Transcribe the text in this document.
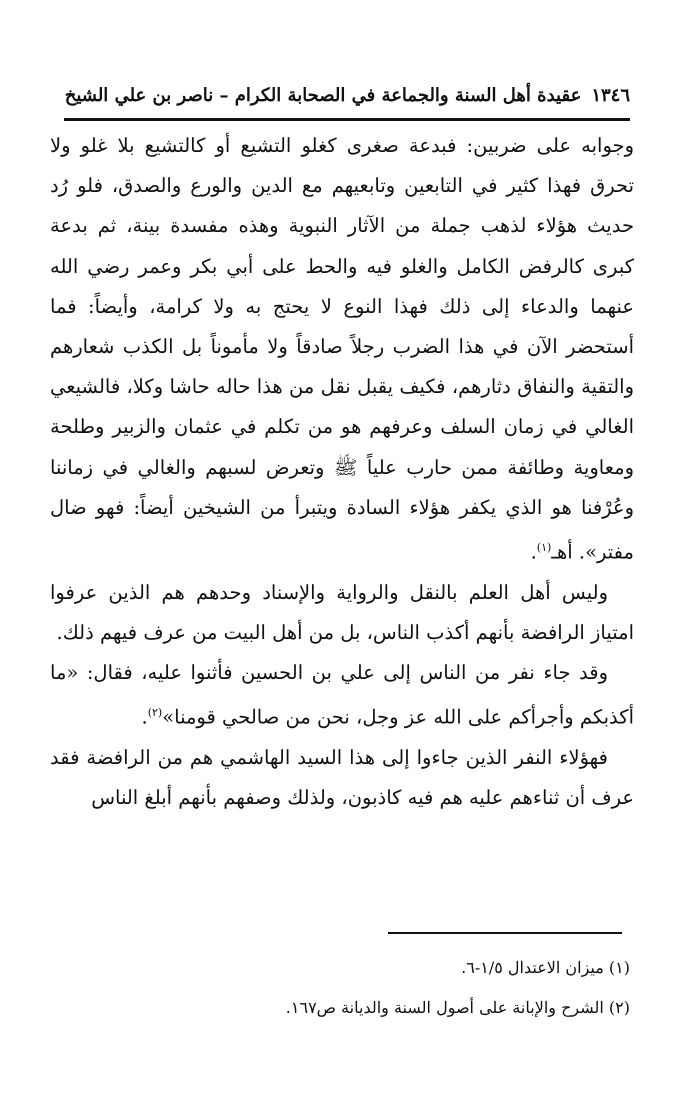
١٣٤٦
عقيدة أهل السنة والجماعة في الصحابة الكرام – ناصر بن علي الشيخ

وجوابه على ضربين: فبدعة صغرى كغلو التشيع أو كالتشيع بلا غلو ولا تحرق فهذا كثير في التابعين وتابعيهم مع الدين والورع والصدق، فلو رُد حديث هؤلاء لذهب جملة من الآثار النبوية وهذه مفسدة بينة، ثم بدعة كبرى كالرفض الكامل والغلو فيه والحط على أبي بكر وعمر رضي الله عنهما والدعاء إلى ذلك فهذا النوع لا يحتج به ولا كرامة، وأيضاً: فما أستحضر الآن في هذا الضرب رجلاً صادقاً ولا مأموناً بل الكذب شعارهم والتقية والنفاق دثارهم، فكيف يقبل نقل من هذا حاله حاشا وكلا، فالشيعي الغالي في زمان السلف وعرفهم هو من تكلم في عثمان والزبير وطلحة ومعاوية وطائفة ممن حارب علياً ﷺ وتعرض لسبهم والغالي في زماننا وعُرْفنا هو الذي يكفر هؤلاء السادة ويتبرأ من الشيخين أيضاً: فهو ضال مفتر». أهـ$^{(١)}$.

وليس أهل العلم بالنقل والرواية والإسناد وحدهم هم الذين عرفوا امتياز الرافضة بأنهم أكذب الناس، بل من أهل البيت من عرف فيهم ذلك.

وقد جاء نفر من الناس إلى علي بن الحسين فأثنوا عليه، فقال: «ما أكذبكم وأجرأكم على الله عز وجل، نحن من صالحي قومنا»$^{(٢)}$.

فهؤلاء النفر الذين جاءوا إلى هذا السيد الهاشمي هم من الرافضة فقد عرف أن ثناءهم عليه هم فيه كاذبون، ولذلك وصفهم بأنهم أبلغ الناس

(١) ميزان الاعتدال ١/٥-٦.

(٢) الشرح والإبانة على أصول السنة والديانة ص١٦٧.
